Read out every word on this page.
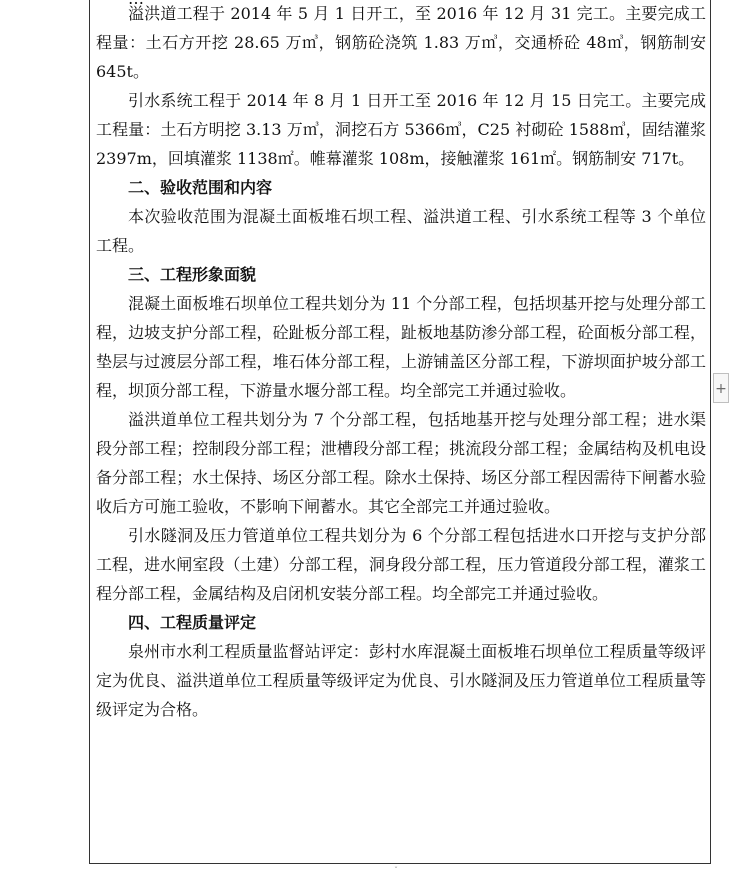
溢洪道工程于 2014 年 5 月 1 日开工，至 2016 年 12 月 31 完工。主要完成工程量：土石方开挖 28.65 万㎥，钢筋砼浇筑 1.83 万㎥，交通桥砼 48㎥，钢筋制安 645t。

引水系统工程于 2014 年 8 月 1 日开工至 2016 年 12 月 15 日完工。主要完成工程量：土石方明挖 3.13 万㎥，洞挖石方 5366㎥，C25 衬砌砼 1588㎥，固结灌浆 2397m，回填灌浆 1138㎡。帷幕灌浆 108m，接触灌浆 161㎡。钢筋制安 717t。

二、验收范围和内容

本次验收范围为混凝土面板堆石坝工程、溢洪道工程、引水系统工程等 3 个单位工程。

三、工程形象面貌

混凝土面板堆石坝单位工程共划分为 11 个分部工程，包括坝基开挖与处理分部工程，边坡支护分部工程，砼趾板分部工程，趾板地基防渗分部工程，砼面板分部工程，垫层与过渡层分部工程，堆石体分部工程，上游铺盖区分部工程，下游坝面护坡分部工程，坝顶分部工程，下游量水堰分部工程。均全部完工并通过验收。

溢洪道单位工程共划分为 7 个分部工程，包括地基开挖与处理分部工程；进水渠段分部工程；控制段分部工程；泄槽段分部工程；挑流段分部工程；金属结构及机电设备分部工程；水土保持、场区分部工程。除水土保持、场区分部工程因需待下闸蓄水验收后方可施工验收，不影响下闸蓄水。其它全部完工并通过验收。

引水隧洞及压力管道单位工程共划分为 6 个分部工程包括进水口开挖与支护分部工程，进水闸室段（土建）分部工程，洞身段分部工程，压力管道段分部工程，灌浆工程分部工程，金属结构及启闭机安装分部工程。均全部完工并通过验收。

四、工程质量评定

泉州市水利工程质量监督站评定：彭村水库混凝土面板堆石坝单位工程质量等级评定为优良、溢洪道单位工程质量等级评定为优良、引水隧洞及压力管道单位工程质量等级评定为合格。

+
ˇ
